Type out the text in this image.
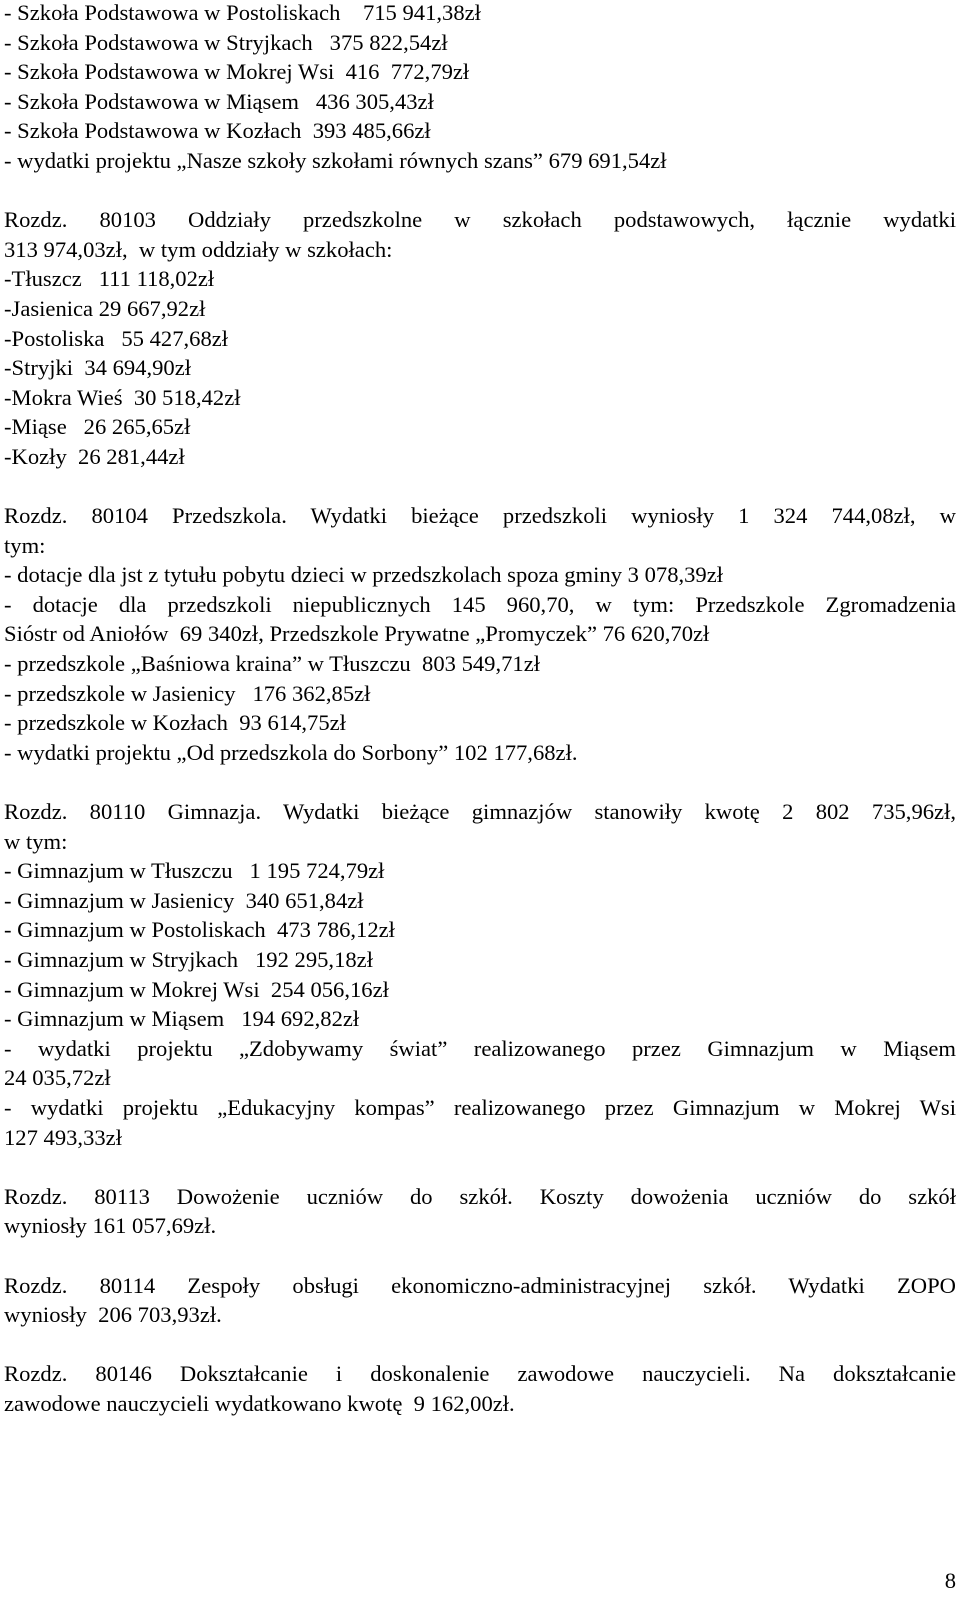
- Szkoła Podstawowa w Postoliskach    715 941,38zł
- Szkoła Podstawowa w Stryjkach   375 822,54zł
- Szkoła Podstawowa w Mokrej Wsi  416  772,79zł
- Szkoła Podstawowa w Miąsem   436 305,43zł
- Szkoła Podstawowa w Kozłach  393 485,66zł
- wydatki projektu „Nasze szkoły szkołami równych szans” 679 691,54zł
Rozdz. 80103 Oddziały przedszkolne w szkołach podstawowych, łącznie wydatki
313 974,03zł,  w tym oddziały w szkołach:
-Tłuszcz   111 118,02zł
-Jasienica 29 667,92zł
-Postoliska   55 427,68zł
-Stryjki  34 694,90zł
-Mokra Wieś  30 518,42zł
-Miąse   26 265,65zł
-Kozły  26 281,44zł
Rozdz. 80104 Przedszkola. Wydatki bieżące przedszkoli wyniosły 1 324 744,08zł, w
tym:
- dotacje dla jst z tytułu pobytu dzieci w przedszkolach spoza gminy 3 078,39zł
- dotacje dla przedszkoli niepublicznych 145 960,70, w tym: Przedszkole Zgromadzenia
Sióstr od Aniołów  69 340zł, Przedszkole Prywatne „Promyczek” 76 620,70zł
- przedszkole „Baśniowa kraina” w Tłuszczu  803 549,71zł
- przedszkole w Jasienicy   176 362,85zł
- przedszkole w Kozłach  93 614,75zł
- wydatki projektu „Od przedszkola do Sorbony” 102 177,68zł.
Rozdz. 80110 Gimnazja. Wydatki bieżące gimnazjów stanowiły kwotę 2 802 735,96zł,
w tym:
- Gimnazjum w Tłuszczu   1 195 724,79zł
- Gimnazjum w Jasienicy  340 651,84zł
- Gimnazjum w Postoliskach  473 786,12zł
- Gimnazjum w Stryjkach   192 295,18zł
- Gimnazjum w Mokrej Wsi  254 056,16zł
- Gimnazjum w Miąsem   194 692,82zł
- wydatki projektu „Zdobywamy świat” realizowanego przez Gimnazjum w Miąsem
24 035,72zł
- wydatki projektu „Edukacyjny kompas” realizowanego przez Gimnazjum w Mokrej Wsi
127 493,33zł
Rozdz. 80113 Dowożenie uczniów do szkół. Koszty dowożenia uczniów do szkół
wyniosły 161 057,69zł.
Rozdz. 80114 Zespoły obsługi ekonomiczno-administracyjnej szkół. Wydatki ZOPO
wyniosły  206 703,93zł.
Rozdz. 80146 Dokształcanie i doskonalenie zawodowe nauczycieli. Na dokształcanie
zawodowe nauczycieli wydatkowano kwotę  9 162,00zł.
8
